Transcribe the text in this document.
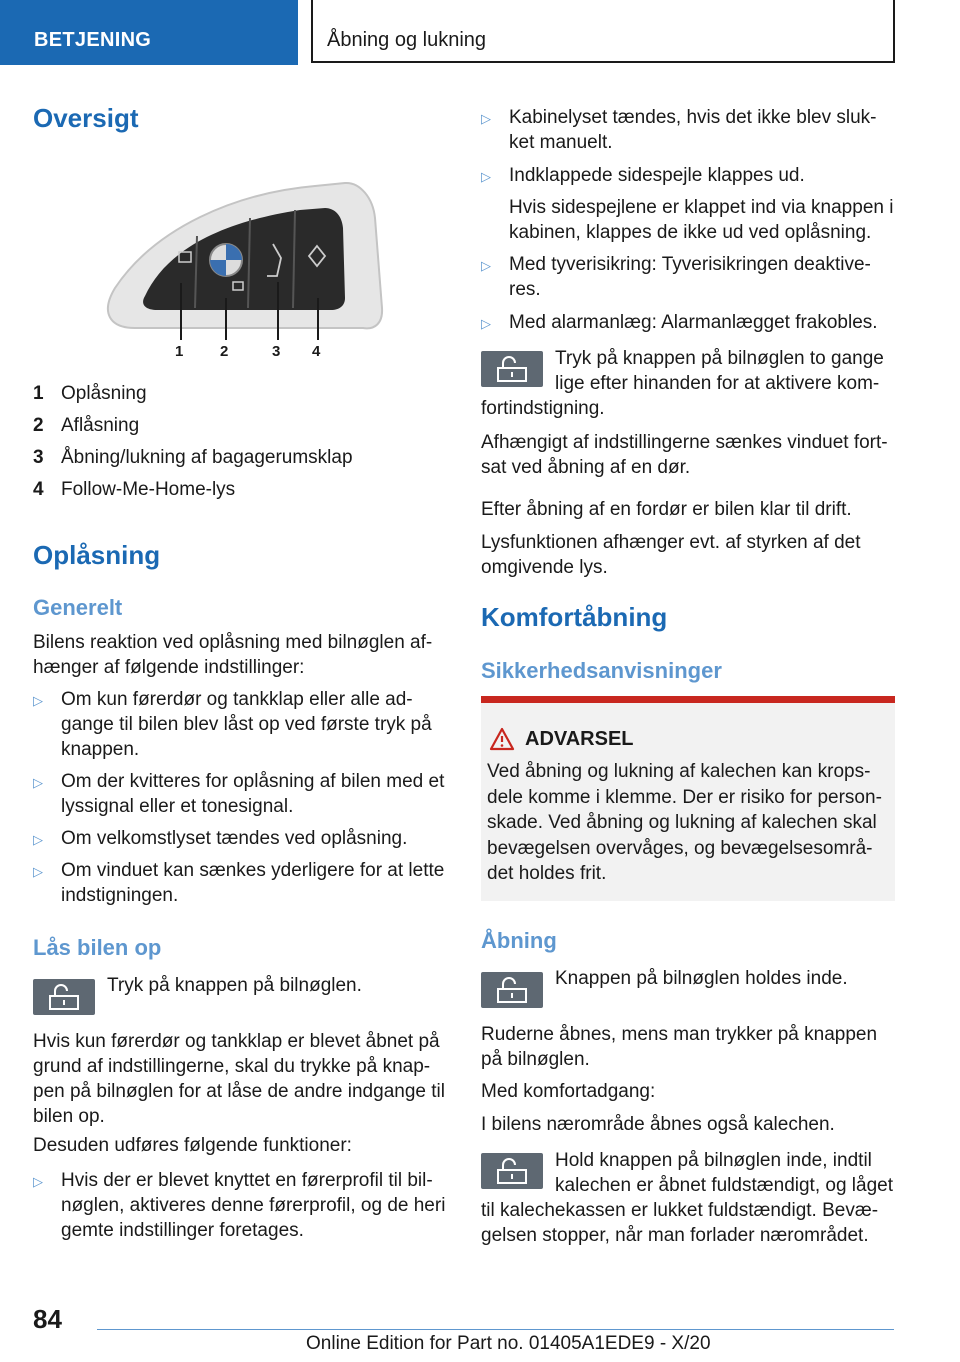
BETJENING	Åbning og lukning
Oversigt
1 2	3 4
1 Oplåsning
2 Aflåsning
3 Åbning/lukning af bagagerumsklap
4 Follow-Me-Home-lys
Oplåsning
Generelt
Bilens reaktion ved oplåsning med bilnøglen af-
hænger af følgende indstillinger:
▷ Om kun førerdør og tankklap eller alle ad-
gange til bilen blev låst op ved første tryk på
knappen.
▷ Om der kvitteres for oplåsning af bilen med et
lyssignal eller et tonesignal.
▷ Om velkomstlyset tændes ved oplåsning.
▷ Om vinduet kan sænkes yderligere for at lette
indstigningen.
Lås bilen op
Tryk på knappen på bilnøglen.
Hvis kun førerdør og tankklap er blevet åbnet på
grund af indstillingerne, skal du trykke på knap-
pen på bilnøglen for at låse de andre indgange til
bilen op.
Desuden udføres følgende funktioner:
▷ Hvis der er blevet knyttet en førerprofil til bil-
nøglen, aktiveres denne førerprofil, og de heri
gemte indstillinger foretages.
▷ Kabinelyset tændes, hvis det ikke blev sluk-
ket manuelt.
▷ Indklappede sidespejle klappes ud.
Hvis sidespejlene er klappet ind via knappen i
kabinen, klappes de ikke ud ved oplåsning.
▷ Med tyverisikring: Tyverisikringen deaktive-
res.
▷ Med alarmanlæg: Alarmanlægget frakobles.
Tryk på knappen på bilnøglen to gange
lige efter hinanden for at aktivere kom-
fortindstigning.
Afhængigt af indstillingerne sænkes vinduet fort-
sat ved åbning af en dør.
Efter åbning af en fordør er bilen klar til drift.
Lysfunktionen afhænger evt. af styrken af det
omgivende lys.
Komfortåbning
Sikkerhedsanvisninger
ADVARSEL
Ved åbning og lukning af kalechen kan krops-
dele komme i klemme. Der er risiko for person-
skade. Ved åbning og lukning af kalechen skal
bevægelsen overvåges, og bevægelsesområ-
det holdes frit.
Åbning
Knappen på bilnøglen holdes inde.
Ruderne åbnes, mens man trykker på knappen
på bilnøglen.
Med komfortadgang:
I bilens nærområde åbnes også kalechen.
Hold knappen på bilnøglen inde, indtil
kalechen er åbnet fuldstændigt, og låget
til kalechekassen er lukket fuldstændigt. Bevæ-
gelsen stopper, når man forlader nærområdet.
84
Online Edition for Part no. 01405A1EDE9 - X/20
